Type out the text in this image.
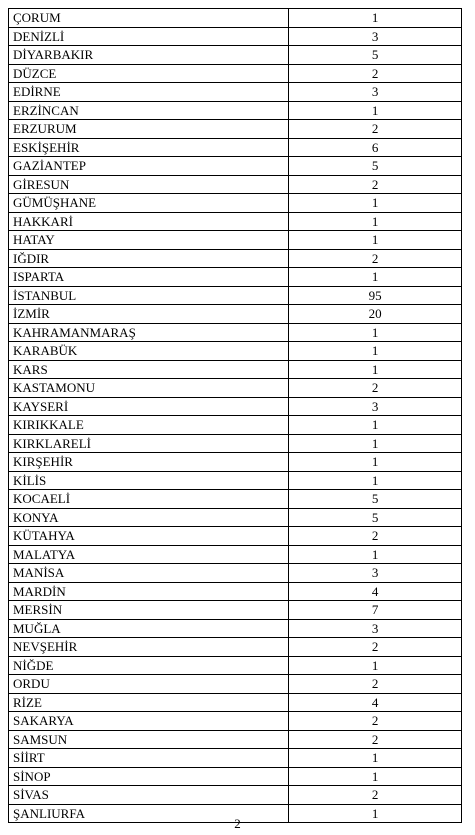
ÇORUM	1
DENİZLİ	3
DİYARBAKIR	5
DÜZCE	2
EDİRNE	3
ERZİNCAN	1
ERZURUM	2
ESKİŞEHİR	6
GAZİANTEP	5
GİRESUN	2
GÜMÜŞHANE	1
HAKKARİ	1
HATAY	1
IĞDIR	2
ISPARTA	1
İSTANBUL	95
İZMİR	20
KAHRAMANMARAŞ	1
KARABÜK	1
KARS	1
KASTAMONU	2
KAYSERİ	3
KIRIKKALE	1
KIRKLARELİ	1
KIRŞEHİR	1
KİLİS	1
KOCAELİ	5
KONYA	5
KÜTAHYA	2
MALATYA	1
MANİSA	3
MARDİN	4
MERSİN	7
MUĞLA	3
NEVŞEHİR	2
NİĞDE	1
ORDU	2
RİZE	4
SAKARYA	2
SAMSUN	2
SİİRT	1
SİNOP	1
SİVAS	2
ŞANLIURFA	1
2
